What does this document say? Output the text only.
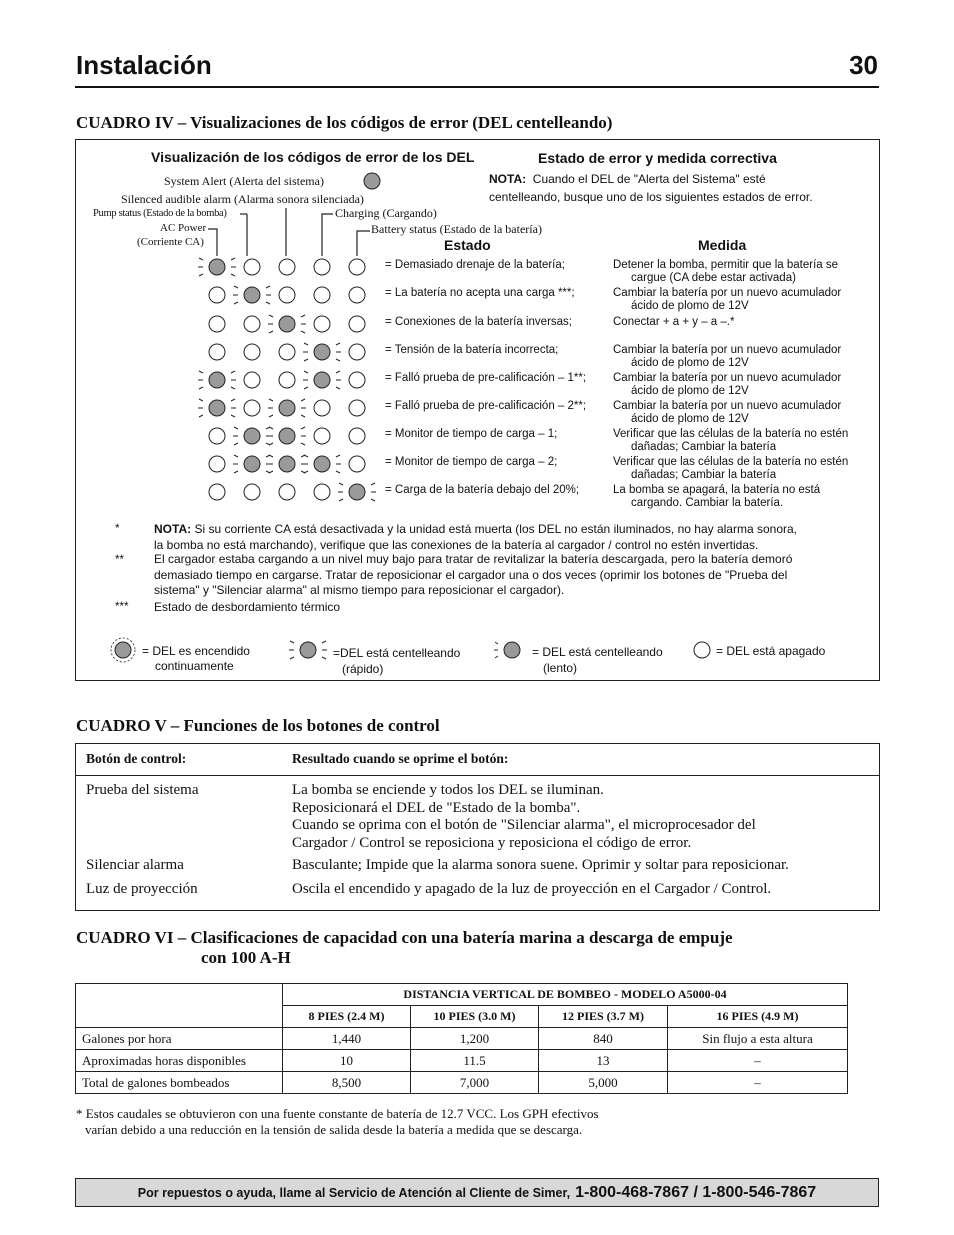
Instalación	30
CUADRO IV – Visualizaciones de los códigos de error (DEL centelleando)
Visualización de los códigos de error de los DEL	Estado de error y medida correctiva
NOTA: Cuando el DEL de "Alerta del Sistema" esté
centelleando, busque uno de los siguientes estados de error.
System Alert (Alerta del sistema)
Silenced audible alarm (Alarma sonora silenciada)
Pump status (Estado de la bomba)	Charging (Cargando)
AC Power
(Corriente CA)
Battery status (Estado de la batería)
Estado	Medida
= Demasiado drenaje de la batería;	Detener la bomba, permitir que la batería se
cargue (CA debe estar activada)
= La batería no acepta una carga ***;	Cambiar la batería por un nuevo acumulador
ácido de plomo de 12V
= Conexiones de la batería inversas;	Conectar + a + y – a –.*
= Tensión de la batería incorrecta;	Cambiar la batería por un nuevo acumulador
ácido de plomo de 12V
= Falló prueba de pre-calificación – 1**; Cambiar la batería por un nuevo acumulador
ácido de plomo de 12V
= Falló prueba de pre-calificación – 2**; Cambiar la batería por un nuevo acumulador
ácido de plomo de 12V
= Monitor de tiempo de carga – 1;	Verificar que las células de la batería no estén
dañadas; Cambiar la batería
= Monitor de tiempo de carga – 2;	Verificar que las células de la batería no estén
dañadas; Cambiar la batería
= Carga de la batería debajo del 20%;	La bomba se apagará, la batería no está
cargando. Cambiar la batería.
*	NOTA: Si su corriente CA está desactivada y la unidad está muerta (los DEL no están iluminados, no hay alarma sonora,
la bomba no está marchando), verifique que las conexiones de la batería al cargador / control no estén invertidas.
**	El cargador estaba cargando a un nivel muy bajo para tratar de revitalizar la batería descargada, pero la batería demoró
demasiado tiempo en cargarse. Tratar de reposicionar el cargador una o dos veces (oprimir los botones de "Prueba del
sistema" y "Silenciar alarma" al mismo tiempo para reposicionar el cargador).
*** Estado de desbordamiento térmico
= DEL es encendido
continuamente
=DEL está centelleando
(rápido)
= DEL está centelleando
(lento)
= DEL está apagado
CUADRO V – Funciones de los botones de control
Botón de control:	Resultado cuando se oprime el botón:
Prueba del sistema	La bomba se enciende y todos los DEL se iluminan.
Reposicionará el DEL de "Estado de la bomba".
Cuando se oprima con el botón de "Silenciar alarma", el microprocesador del
Cargador / Control se reposiciona y reposiciona el código de error.
Silenciar alarma	Basculante; Impide que la alarma sonora suene. Oprimir y soltar para reposicionar.
Luz de proyección	Oscila el encendido y apagado de la luz de proyección en el Cargador / Control.
CUADRO VI – Clasificaciones de capacidad con una batería marina a descarga de empuje
con 100 A-H
	DISTANCIA VERTICAL DE BOMBEO - MODELO A5000-04			
	8 PIES (2.4 M)	10 PIES (3.0 M)	12 PIES (3.7 M)	16 PIES (4.9 M)
Galones por hora	1,440	1,200	840	Sin flujo a esta altura
Aproximadas horas disponibles	10	11.5	13	–
Total de galones bombeados	8,500	7,000	5,000	–
* Estos caudales se obtuvieron con una fuente constante de batería de 12.7 VCC. Los GPH efectivos
varían debido a una reducción en la tensión de salida desde la batería a medida que se descarga.
Por repuestos o ayuda, llame al Servicio de Atención al Cliente de Simer, 1-800-468-7867 / 1-800-546-7867
